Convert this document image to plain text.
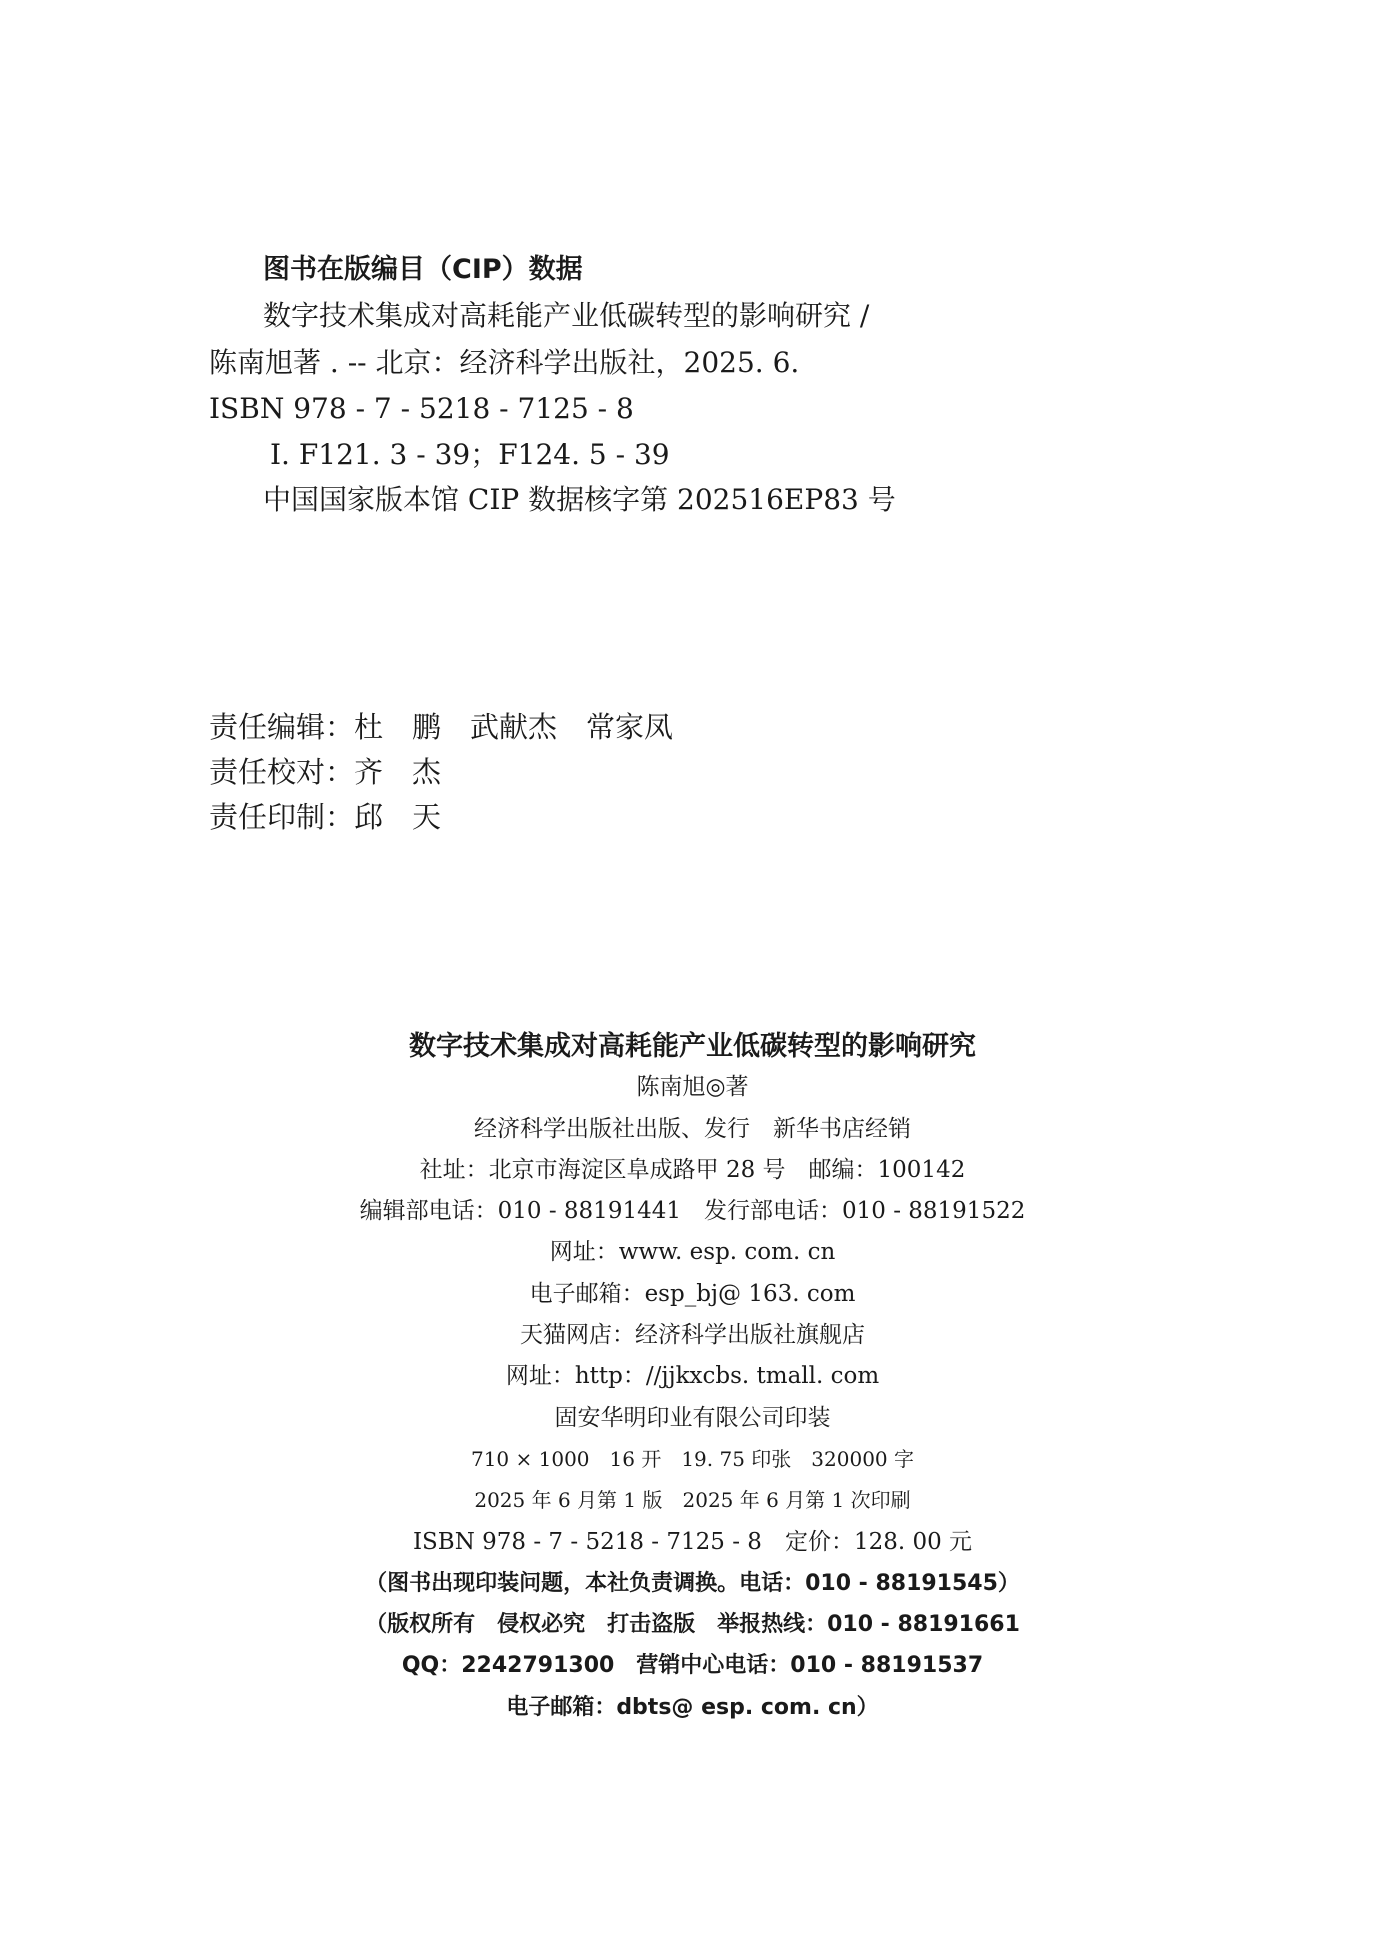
图书在版编目（CIP）数据
数字技术集成对高耗能产业低碳转型的影响研究 /
陈南旭著 . -- 北京：经济科学出版社，2025. 6.
ISBN 978 - 7 - 5218 - 7125 - 8
Ⅰ. F121. 3 - 39；F124. 5 - 39
中国国家版本馆 CIP 数据核字第 202516EP83 号
责任编辑：杜　鹏　武献杰　常家凤
责任校对：齐　杰
责任印制：邱　天
数字技术集成对高耗能产业低碳转型的影响研究
陈南旭◎著
经济科学出版社出版、发行　新华书店经销
社址：北京市海淀区阜成路甲 28 号　邮编：100142
编辑部电话：010 - 88191441　发行部电话：010 - 88191522
网址：www. esp. com. cn
电子邮箱：esp_bj@ 163. com
天猫网店：经济科学出版社旗舰店
网址：http：//jjkxcbs. tmall. com
固安华明印业有限公司印装
710 × 1000　16 开　19. 75 印张　320000 字
2025 年 6 月第 1 版　2025 年 6 月第 1 次印刷
ISBN 978 - 7 - 5218 - 7125 - 8　定价：128. 00 元
（图书出现印装问题，本社负责调换。电话：010 - 88191545）
（版权所有　侵权必究　打击盗版　举报热线：010 - 88191661
QQ：2242791300　营销中心电话：010 - 88191537
电子邮箱：dbts@ esp. com. cn）
